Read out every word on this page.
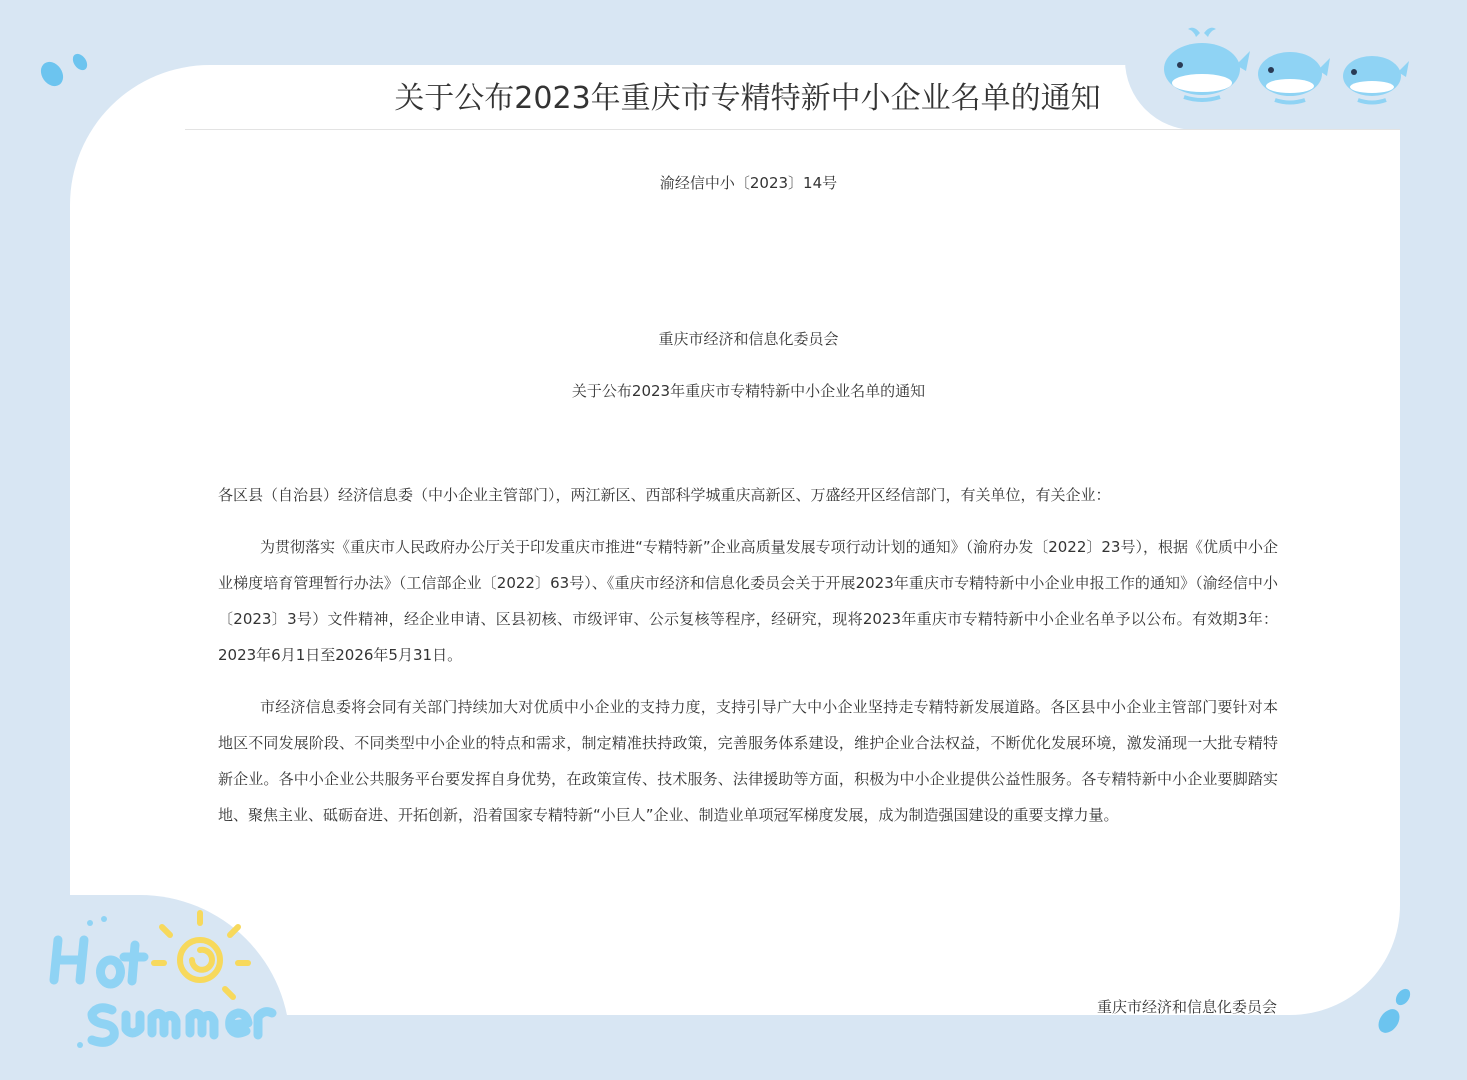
关于公布2023年重庆市专精特新中小企业名单的通知
渝经信中小〔2023〕14号
重庆市经济和信息化委员会
关于公布2023年重庆市专精特新中小企业名单的通知
各区县（自治县）经济信息委（中小企业主管部门），两江新区、西部科学城重庆高新区、万盛经开区经信部门，有关单位，有关企业：
为贯彻落实《重庆市人民政府办公厅关于印发重庆市推进“专精特新”企业高质量发展专项行动计划的通知》（渝府办发〔2022〕23号），根据《优质中小企业梯度培育管理暂行办法》（工信部企业〔2022〕63号）、《重庆市经济和信息化委员会关于开展2023年重庆市专精特新中小企业申报工作的通知》（渝经信中小〔2023〕3号）文件精神，经企业申请、区县初核、市级评审、公示复核等程序，经研究，现将2023年重庆市专精特新中小企业名单予以公布。有效期3年：2023年6月1日至2026年5月31日。
市经济信息委将会同有关部门持续加大对优质中小企业的支持力度，支持引导广大中小企业坚持走专精特新发展道路。各区县中小企业主管部门要针对本地区不同发展阶段、不同类型中小企业的特点和需求，制定精准扶持政策，完善服务体系建设，维护企业合法权益，不断优化发展环境，激发涌现一大批专精特新企业。各中小企业公共服务平台要发挥自身优势，在政策宣传、技术服务、法律援助等方面，积极为中小企业提供公益性服务。各专精特新中小企业要脚踏实地、聚焦主业、砥砺奋进、开拓创新，沿着国家专精特新“小巨人”企业、制造业单项冠军梯度发展，成为制造强国建设的重要支撑力量。
重庆市经济和信息化委员会
